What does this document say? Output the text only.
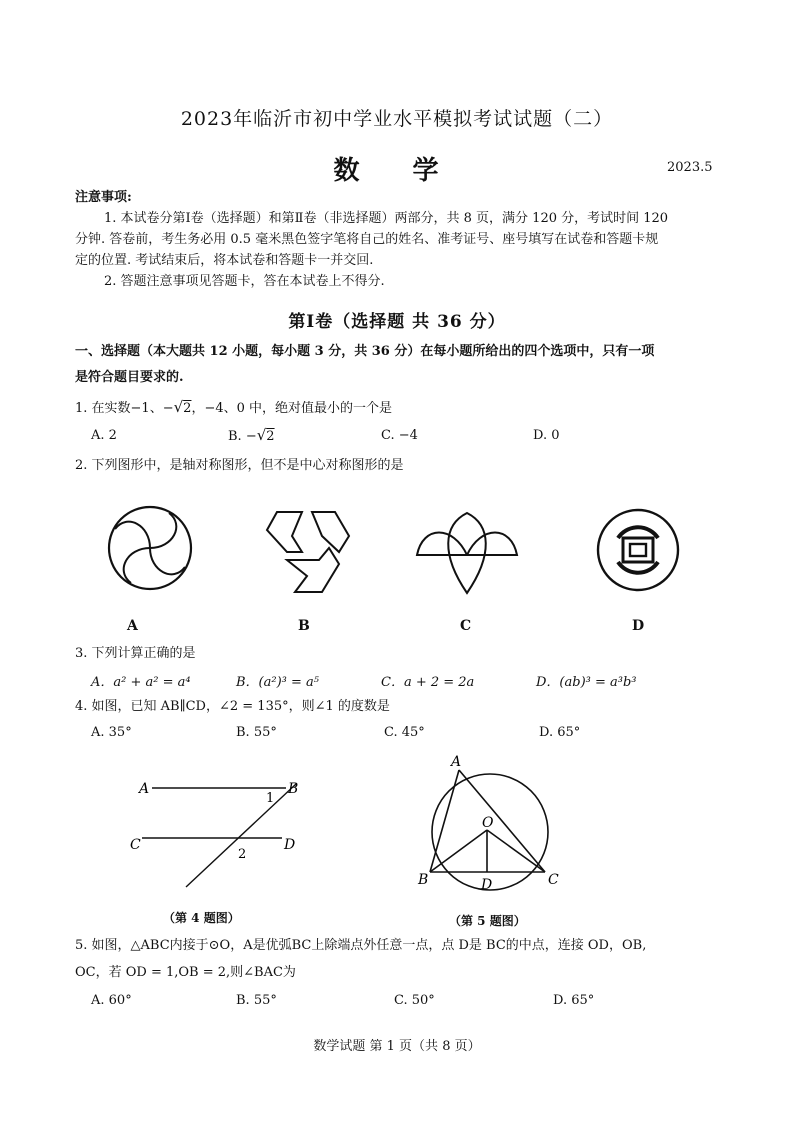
2023年临沂市初中学业水平模拟考试试题（二）
数 学	2023.5
注意事项:
1. 本试卷分第Ⅰ卷（选择题）和第Ⅱ卷（非选择题）两部分，共 8 页，满分 120 分，考试时间 120
分钟. 答卷前，考生务必用 0.5 毫米黑色签字笔将自己的姓名、准考证号、座号填写在试卷和答题卡规
定的位置. 考试结束后，将本试卷和答题卡一并交回.
2. 答题注意事项见答题卡，答在本试卷上不得分.
第Ⅰ卷（选择题 共 36 分）
一、选择题（本大题共 12 小题，每小题 3 分，共 36 分）在每小题所给出的四个选项中，只有一项
是符合题目要求的.
1. 在实数−1、−√2，−4、0 中，绝对值最小的一个是
A. 2	B. −√2	C. −4	D. 0
2. 下列图形中，是轴对称图形，但不是中心对称图形的是
A	B	C	D
3. 下列计算正确的是
A．a² + a² = a⁴	B．(a²)³ = a⁵	C．a + 2 = 2a	D．(ab)³ = a³b³
4. 如图，已知 AB∥CD，∠2 = 135°，则∠1 的度数是
A. 35°	B. 55°	C. 45°	D. 65°
A	B
C	D
1
2
（第 4 题图）
A
O
B	D	C
（第 5 题图）
5. 如图，△ABC内接于⊙O，A是优弧BC上除端点外任意一点，点 D是 BC的中点，连接 OD，OB,
OC，若 OD = 1,OB = 2,则∠BAC为
A. 60°	B. 55°	C. 50°	D. 65°
数学试题 第 1 页（共 8 页）
